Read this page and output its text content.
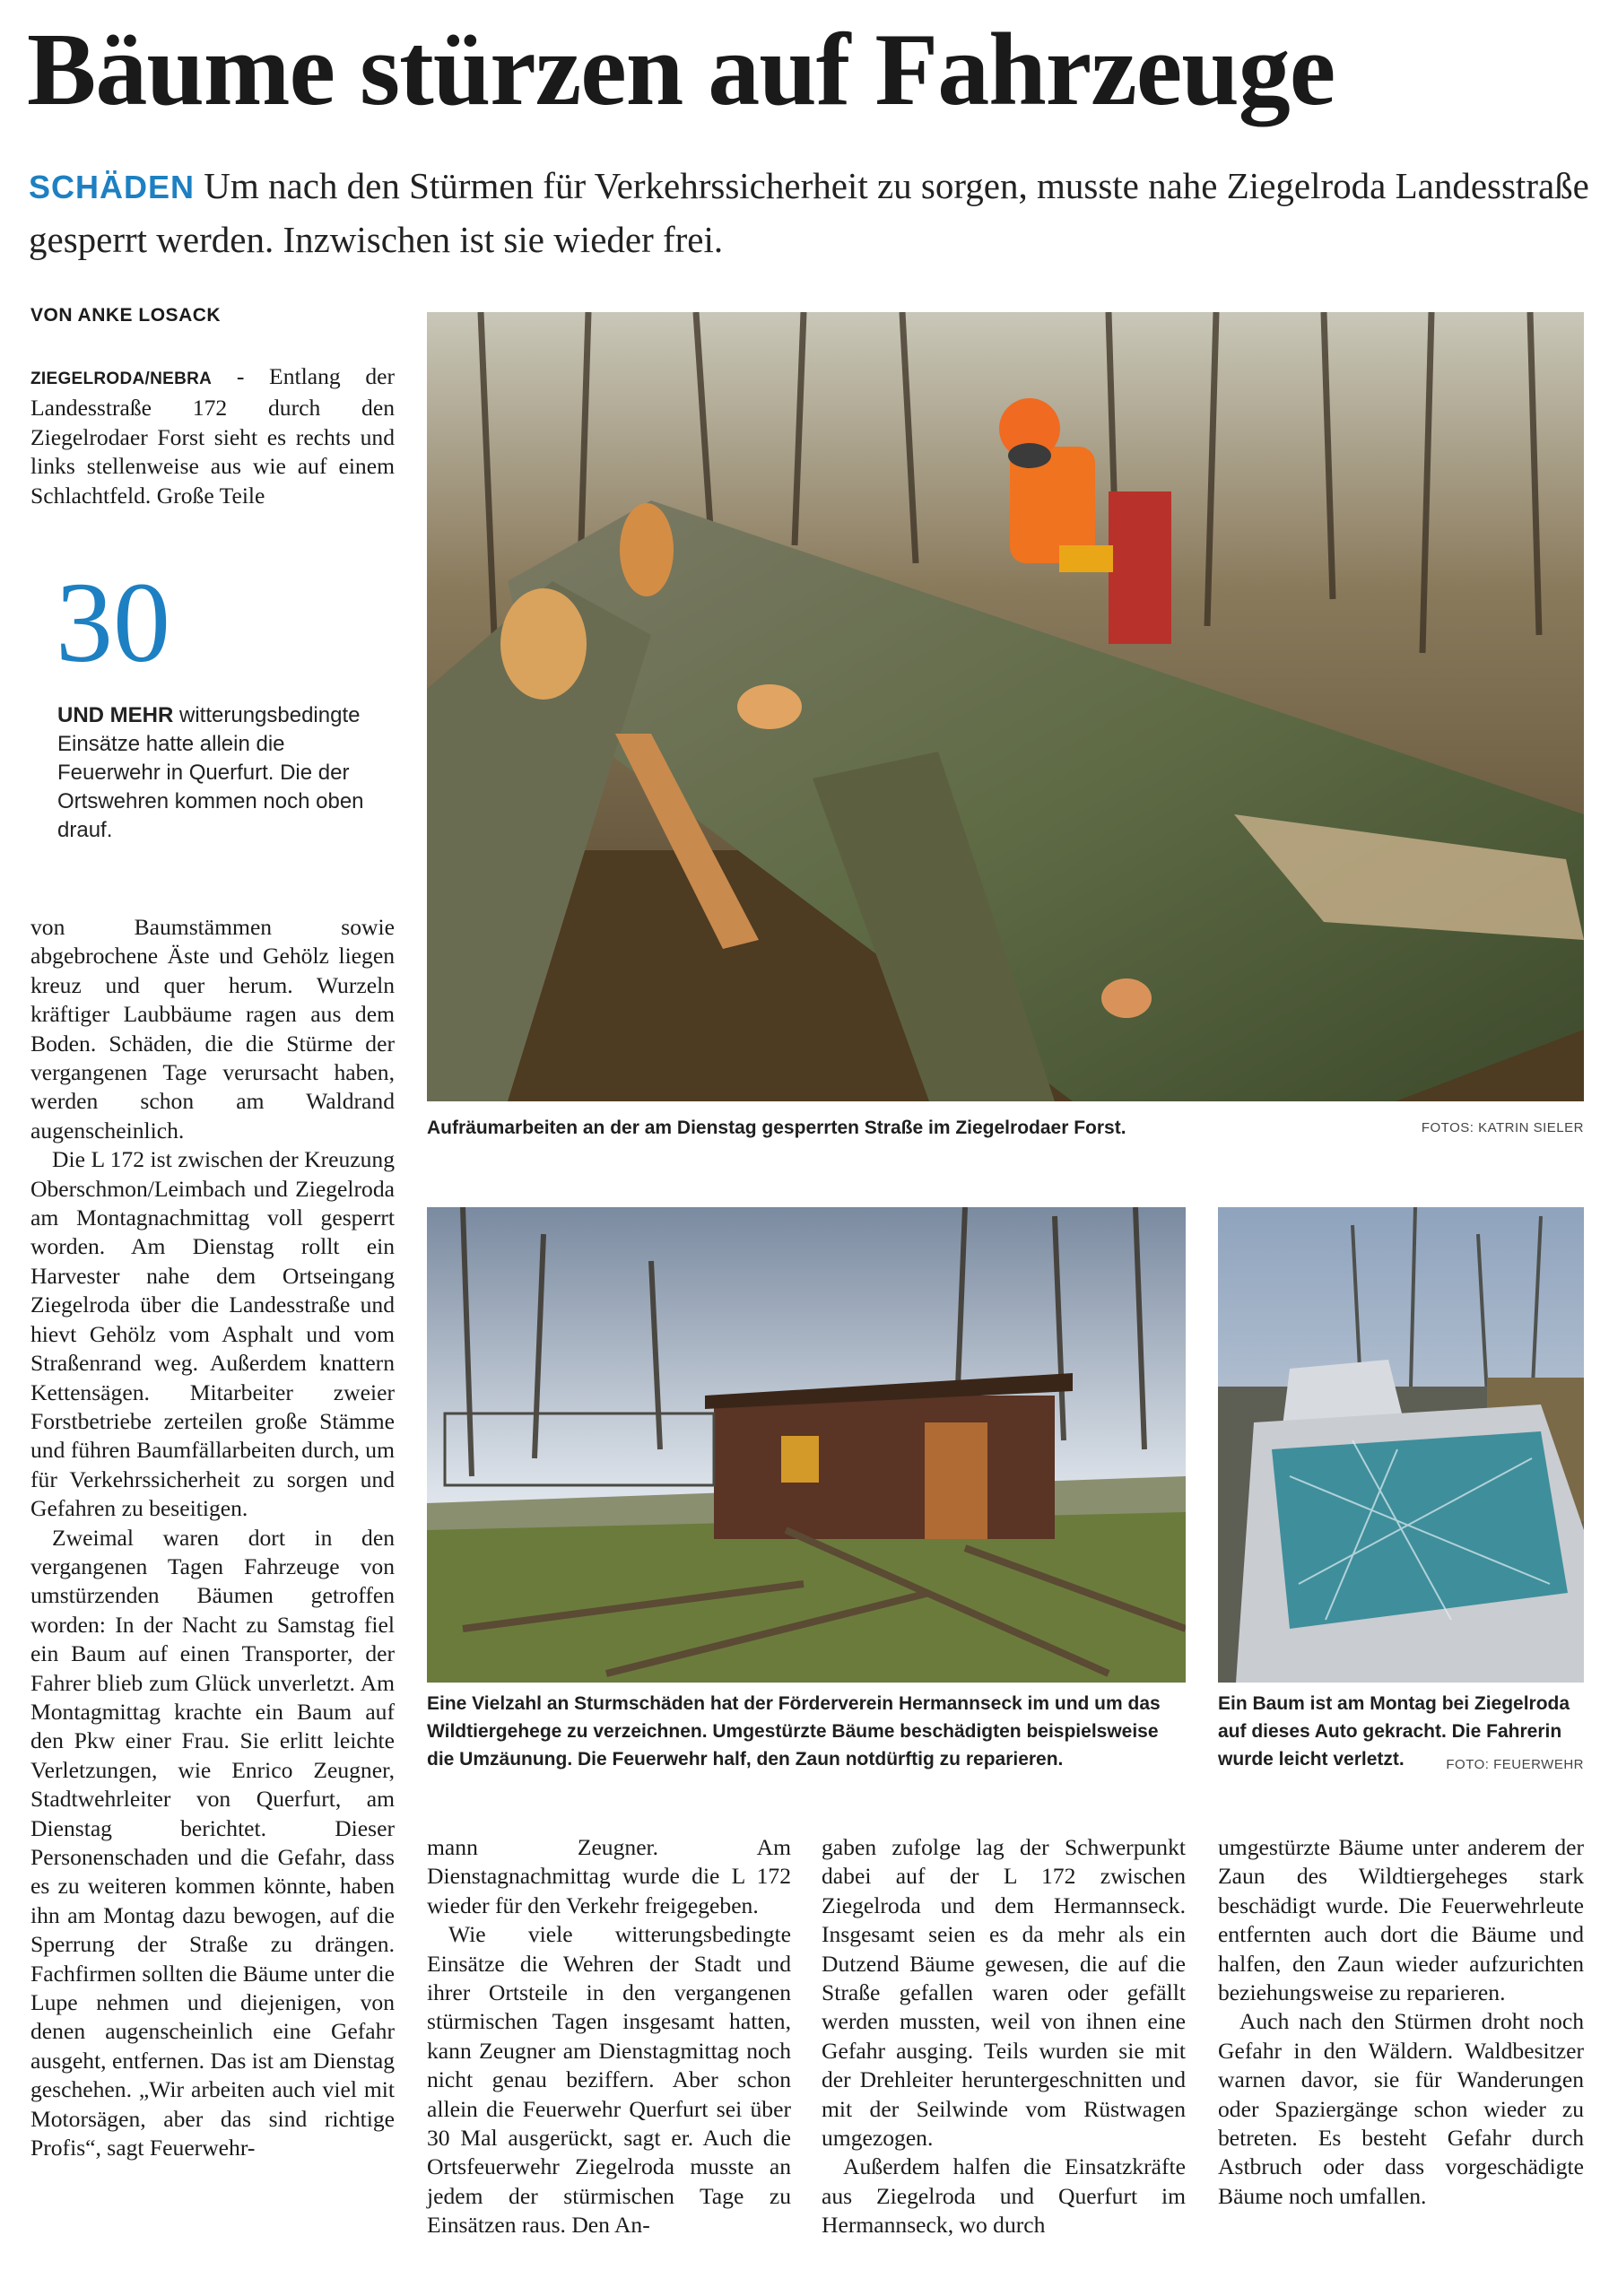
Bäume stürzen auf Fahrzeuge
SCHÄDEN Um nach den Stürmen für Verkehrssicherheit zu sorgen, musste nahe Ziegelroda Landesstraße gesperrt werden. Inzwischen ist sie wieder frei.
VON ANKE LOSACK

ZIEGELRODA/NEBRA - Entlang der Landesstraße 172 durch den Ziegelrodaer Forst sieht es rechts und links stellenweise aus wie auf einem Schlachtfeld. Große Teile

30
UND MEHR witterungsbedingte Einsätze hatte allein die Feuerwehr in Querfurt. Die der Ortswehren kommen noch oben drauf.

von Baumstämmen sowie abgebrochene Äste und Gehölz liegen kreuz und quer herum. Wurzeln kräftiger Laubbäume ragen aus dem Boden. Schäden, die die Stürme der vergangenen Tage verursacht haben, werden schon am Waldrand augenscheinlich.

Die L 172 ist zwischen der Kreuzung Oberschmon/Leimbach und Ziegelroda am Montagnachmittag voll gesperrt worden. Am Dienstag rollt ein Harvester nahe dem Ortseingang Ziegelroda über die Landesstraße und hievt Gehölz vom Asphalt und vom Straßenrand weg. Außerdem knattern Kettensägen. Mitarbeiter zweier Forstbetriebe zerteilen große Stämme und führen Baumfällarbeiten durch, um für Verkehrssicherheit zu sorgen und Gefahren zu beseitigen.

Zweimal waren dort in den vergangenen Tagen Fahrzeuge von umstürzenden Bäumen getroffen worden: In der Nacht zu Samstag fiel ein Baum auf einen Transporter, der Fahrer blieb zum Glück unverletzt. Am Montagmittag krachte ein Baum auf den Pkw einer Frau. Sie erlitt leichte Verletzungen, wie Enrico Zeugner, Stadtwehrleiter von Querfurt, am Dienstag berichtet. Dieser Personenschaden und die Gefahr, dass es zu weiteren kommen könnte, haben ihn am Montag dazu bewogen, auf die Sperrung der Straße zu drängen. Fachfirmen sollten die Bäume unter die Lupe nehmen und diejenigen, von denen augenscheinlich eine Gefahr ausgeht, entfernen. Das ist am Dienstag geschehen. „Wir arbeiten auch viel mit Motorsägen, aber das sind richtige Profis“, sagt Feuerwehr-

Aufräumarbeiten an der am Dienstag gesperrten Straße im Ziegelrodaer Forst.	FOTOS: KATRIN SIELER
Eine Vielzahl an Sturmschäden hat der Förderverein Hermannseck im und um das Wildtiergehege zu verzeichnen. Umgestürzte Bäume beschädigten beispielsweise die Umzäunung. Die Feuerwehr half, den Zaun notdürftig zu reparieren.
Ein Baum ist am Montag bei Ziegelroda auf dieses Auto gekracht. Die Fahrerin wurde leicht verletzt.	FOTO: FEUERWEHR

mann Zeugner. Am Dienstagnachmittag wurde die L 172 wieder für den Verkehr freigegeben.

Wie viele witterungsbedingte Einsätze die Wehren der Stadt und ihrer Ortsteile in den vergangenen stürmischen Tagen insgesamt hatten, kann Zeugner am Dienstagmittag noch nicht genau beziffern. Aber schon allein die Feuerwehr Querfurt sei über 30 Mal ausgerückt, sagt er. Auch die Ortsfeuerwehr Ziegelroda musste an jedem der stürmischen Tage zu Einsätzen raus. Den An-

gaben zufolge lag der Schwerpunkt dabei auf der L 172 zwischen Ziegelroda und dem Hermannseck. Insgesamt seien es da mehr als ein Dutzend Bäume gewesen, die auf die Straße gefallen waren oder gefällt werden mussten, weil von ihnen eine Gefahr ausging. Teils wurden sie mit der Drehleiter heruntergeschnitten und mit der Seilwinde vom Rüstwagen umgezogen.

Außerdem halfen die Einsatzkräfte aus Ziegelroda und Querfurt im Hermannseck, wo durch

umgestürzte Bäume unter anderem der Zaun des Wildtiergeheges stark beschädigt wurde. Die Feuerwehrleute entfernten auch dort die Bäume und halfen, den Zaun wieder aufzurichten beziehungsweise zu reparieren.

Auch nach den Stürmen droht noch Gefahr in den Wäldern. Waldbesitzer warnen davor, sie für Wanderungen oder Spaziergänge schon wieder zu betreten. Es besteht Gefahr durch Astbruch oder dass vorgeschädigte Bäume noch umfallen.
